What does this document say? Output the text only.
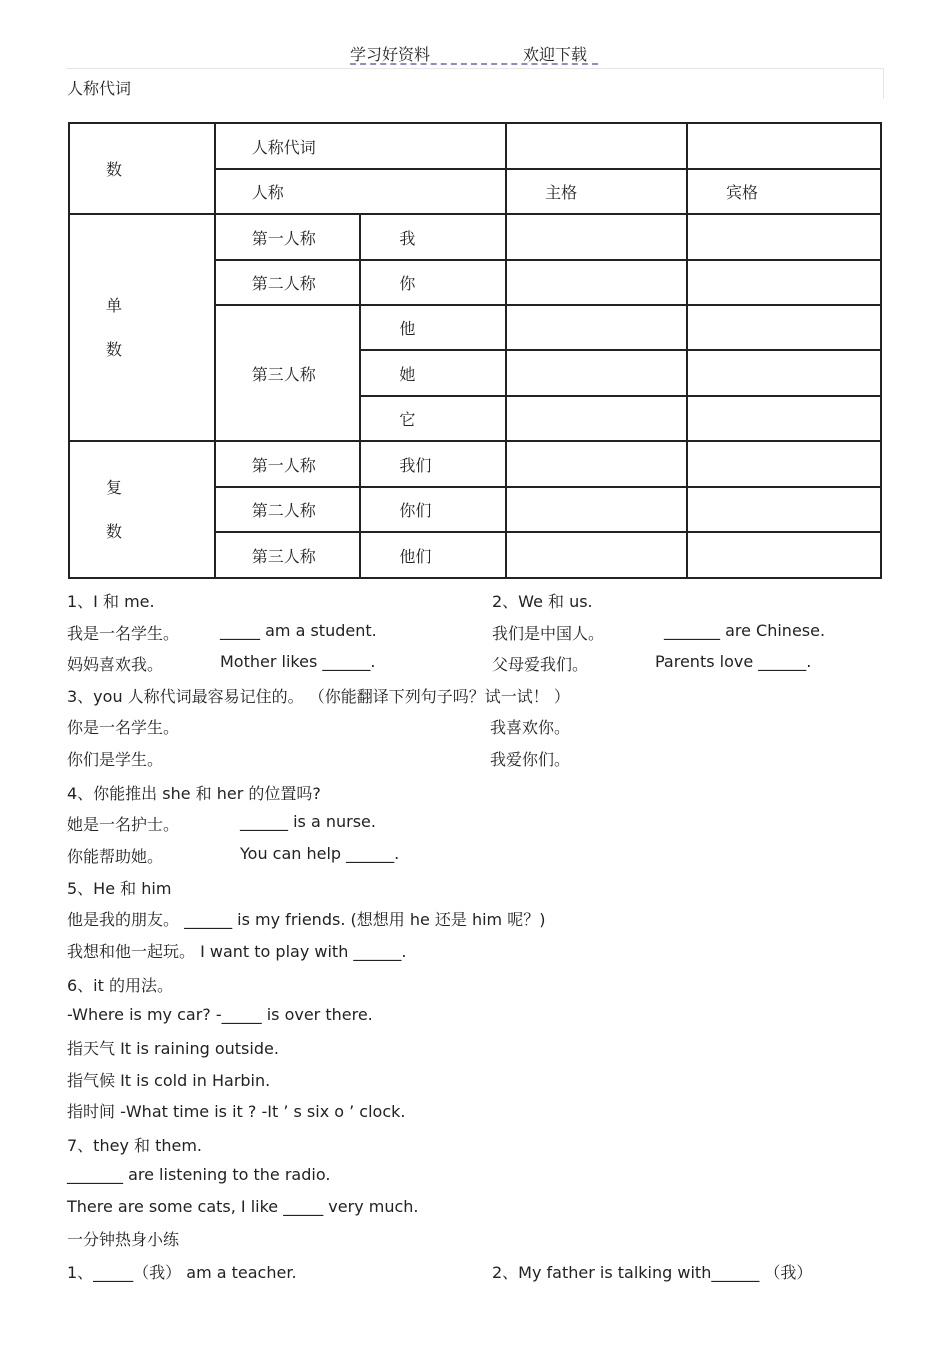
学习好资料	欢迎下载
人称代词
数	人称代词			
	人称		主格	宾格

单
数	第一人称	我		
	第二人称	你		
	第三人称	他		
		她		
		它		

复
数	第一人称	我们		
	第二人称	你们		
	第三人称	他们		
1、I 和 me.	2、We 和 us.
我是一名学生。	_____ am a student.	我们是中国人。	_______ are Chinese.
妈妈喜欢我。	Mother likes ______.	父母爱我们。	Parents love ______.
3、you 人称代词最容易记住的。 （你能翻译下列句子吗？试一试！ ）
你是一名学生。	我喜欢你。
你们是学生。	我爱你们。
4、你能推出 she 和 her 的位置吗?
她是一名护士。	______ is a nurse.
你能帮助她。	You can help ______.
5、He 和 him
他是我的朋友。 ______ is my friends. (想想用 he 还是 him 呢？)
我想和他一起玩。 I want to play with ______.
6、it 的用法。
-Where is my car? -_____ is over there.
指天气 It is raining outside.
指气候 It is cold in Harbin.
指时间 -What time is it ? -It ’ s six o ’ clock.
7、they 和 them.
_______ are listening to the radio.
There are some cats, I like _____ very much.
一分钟热身小练
1、_____（我） am a teacher.	2、My father is talking with______ （我）
